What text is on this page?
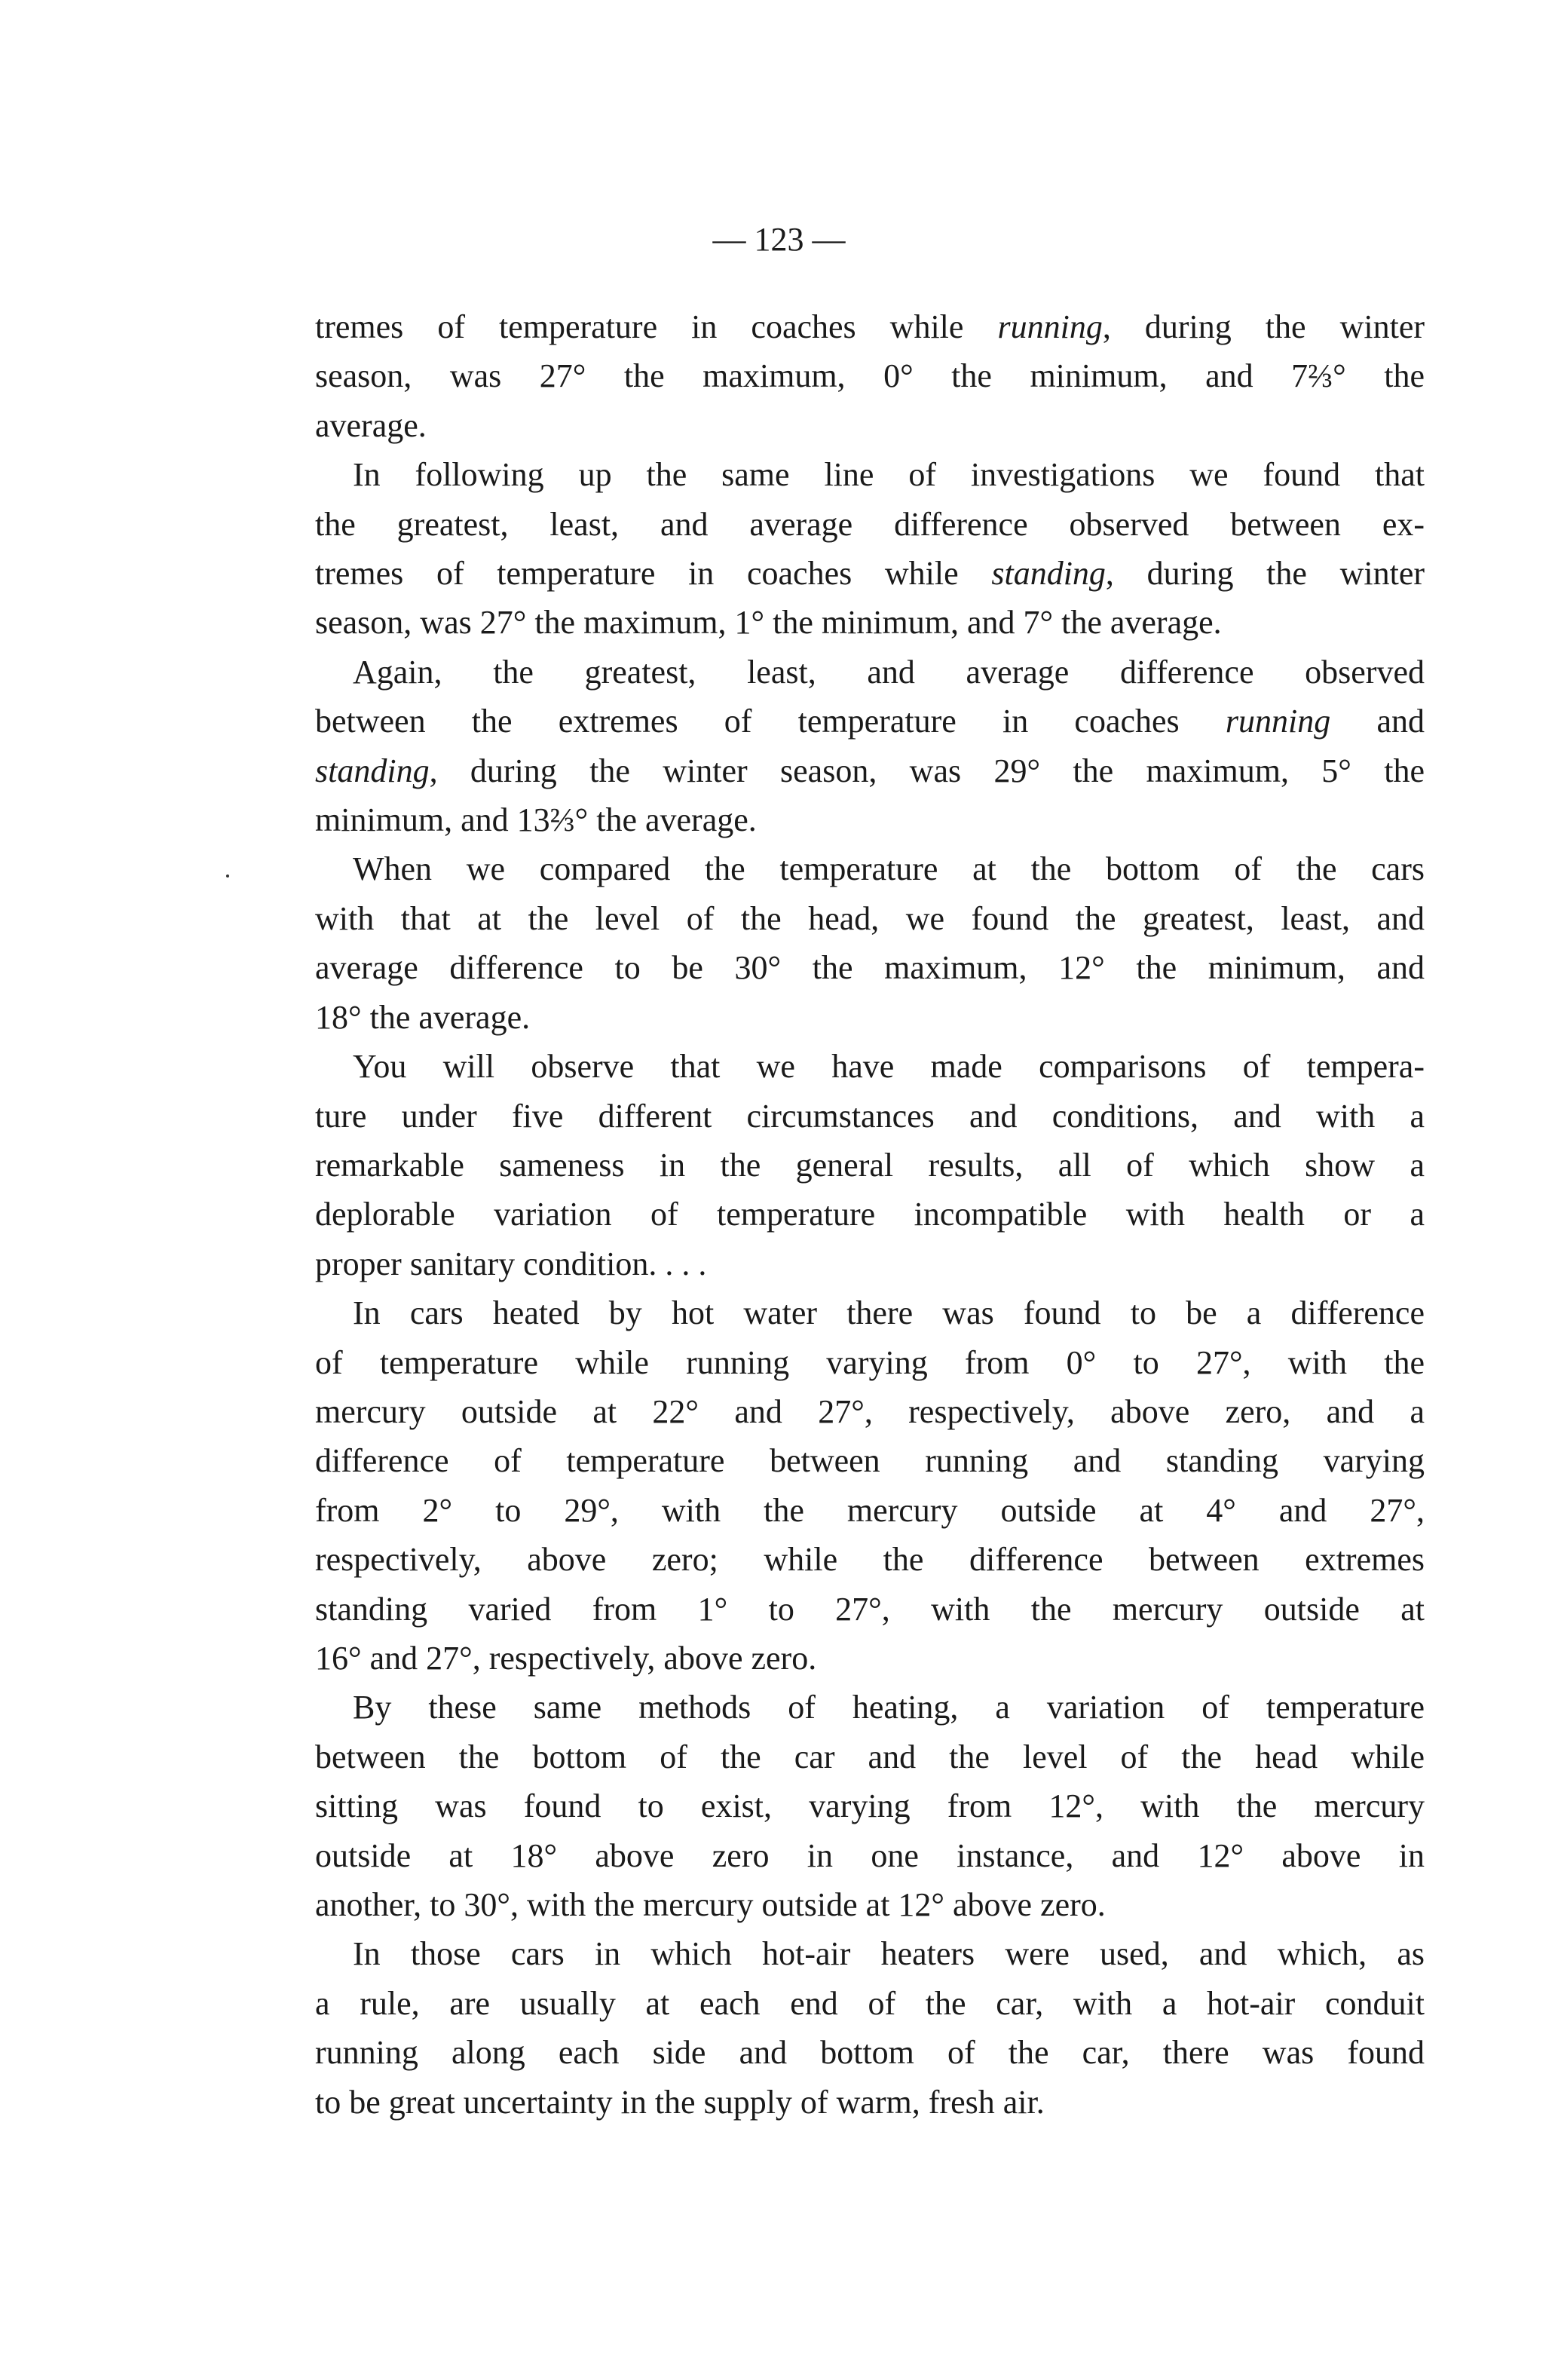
— 123 —
tremes of temperature in coaches while running, during the winter
season, was 27° the maximum, 0° the minimum, and 7⅔° the
average.
In following up the same line of investigations we found that
the greatest, least, and average difference observed between ex-
tremes of temperature in coaches while standing, during the winter
season, was 27° the maximum, 1° the minimum, and 7° the average.
Again, the greatest, least, and average difference observed
between the extremes of temperature in coaches running and
standing, during the winter season, was 29° the maximum, 5° the
minimum, and 13⅔° the average.
When we compared the temperature at the bottom of the cars
with that at the level of the head, we found the greatest, least, and
average difference to be 30° the maximum, 12° the minimum, and
18° the average.
You will observe that we have made comparisons of tempera-
ture under five different circumstances and conditions, and with a
remarkable sameness in the general results, all of which show a
deplorable variation of temperature incompatible with health or a
proper sanitary condition. . . .
In cars heated by hot water there was found to be a difference
of temperature while running varying from 0° to 27°, with the
mercury outside at 22° and 27°, respectively, above zero, and a
difference of temperature between running and standing varying
from 2° to 29°, with the mercury outside at 4° and 27°,
respectively, above zero; while the difference between extremes
standing varied from 1° to 27°, with the mercury outside at
16° and 27°, respectively, above zero.
By these same methods of heating, a variation of temperature
between the bottom of the car and the level of the head while
sitting was found to exist, varying from 12°, with the mercury
outside at 18° above zero in one instance, and 12° above in
another, to 30°, with the mercury outside at 12° above zero.
In those cars in which hot-air heaters were used, and which, as
a rule, are usually at each end of the car, with a hot-air conduit
running along each side and bottom of the car, there was found
to be great uncertainty in the supply of warm, fresh air.
